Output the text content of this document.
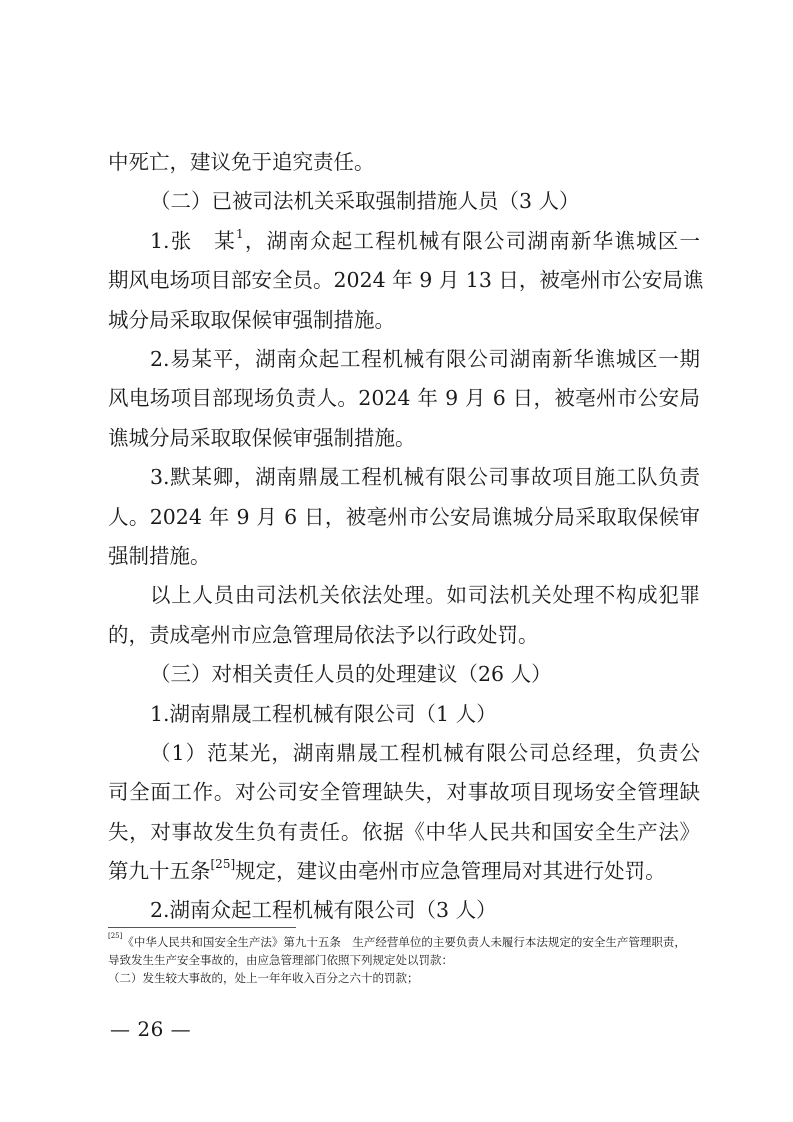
中死亡，建议免于追究责任。
（二）已被司法机关采取强制措施人员（3 人）
1.张　某$^1$，湖南众起工程机械有限公司湖南新华谯城区一
期风电场项目部安全员。2024 年 9 月 13 日，被亳州市公安局谯
城分局采取取保候审强制措施。
2.易某平，湖南众起工程机械有限公司湖南新华谯城区一期
风电场项目部现场负责人。2024 年 9 月 6 日，被亳州市公安局
谯城分局采取取保候审强制措施。
3.默某卿，湖南鼎晟工程机械有限公司事故项目施工队负责
人。2024 年 9 月 6 日，被亳州市公安局谯城分局采取取保候审
强制措施。
以上人员由司法机关依法处理。如司法机关处理不构成犯罪
的，责成亳州市应急管理局依法予以行政处罚。
（三）对相关责任人员的处理建议（26 人）
1.湖南鼎晟工程机械有限公司（1 人）
（1）范某光，湖南鼎晟工程机械有限公司总经理，负责公
司全面工作。对公司安全管理缺失，对事故项目现场安全管理缺
失，对事故发生负有责任。依据《中华人民共和国安全生产法》
第九十五条[25]规定，建议由亳州市应急管理局对其进行处罚。
2.湖南众起工程机械有限公司（3 人）
[25]《中华人民共和国安全生产法》第九十五条　生产经营单位的主要负责人未履行本法规定的安全生产管理职责，
导致发生生产安全事故的，由应急管理部门依照下列规定处以罚款：
（二）发生较大事故的，处上一年年收入百分之六十的罚款；
— 26 —
